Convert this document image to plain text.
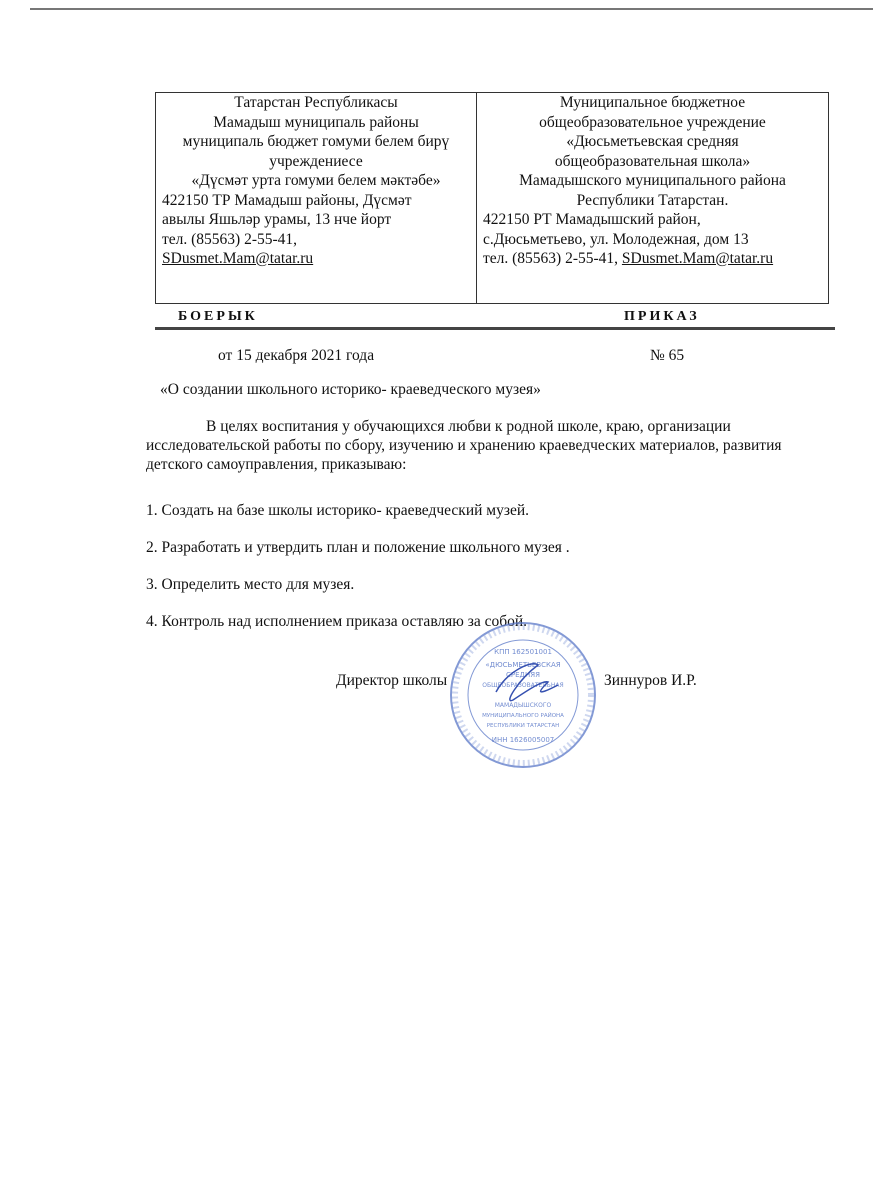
Татарстан Республикасы
Мамадыш муниципаль районы
муниципаль бюджет гомуми белем бирү
учреждениесе
«Дүсмәт урта гомуми белем мәктәбе»
422150 ТР Мамадыш районы, Дүсмәт
авылы Яшьләр урамы, 13 нче йорт
тел. (85563) 2-55-41,
SDusmet.Mam@tatar.ru
Муниципальное бюджетное
общеобразовательное учреждение
«Дюсьметьевская средняя
общеобразовательная школа»
Мамадышского муниципального района
Республики Татарстан.
422150 РТ Мамадышский район,
с.Дюсьметьево, ул. Молодежная, дом 13
тел. (85563) 2-55-41, SDusmet.Mam@tatar.ru
БОЕРЫК	ПРИКАЗ
от 15 декабря 2021 года	№ 65
«О создании школьного историко- краеведческого музея»
В целях воспитания у обучающихся любви к родной школе, краю, организации исследовательской работы по сбору, изучению и хранению краеведческих материалов, развития детского самоуправления, приказываю:
1. Создать на базе школы историко- краеведческий музей.
2. Разработать и утвердить план и положение школьного музея .
3. Определить место для музея.
4. Контроль над исполнением приказа оставляю за собой.
Директор школы	Зиннуров И.Р.
КПП 162501001
«ДЮСЬМЕТЬЕВСКАЯ
СРЕДНЯЯ
ОБЩЕОБРАЗОВАТЕЛЬНАЯ
МАМАДЫШСКОГО
МУНИЦИПАЛЬНОГО РАЙОНА
РЕСПУБЛИКИ ТАТАРСТАН
ИНН 1626005007
